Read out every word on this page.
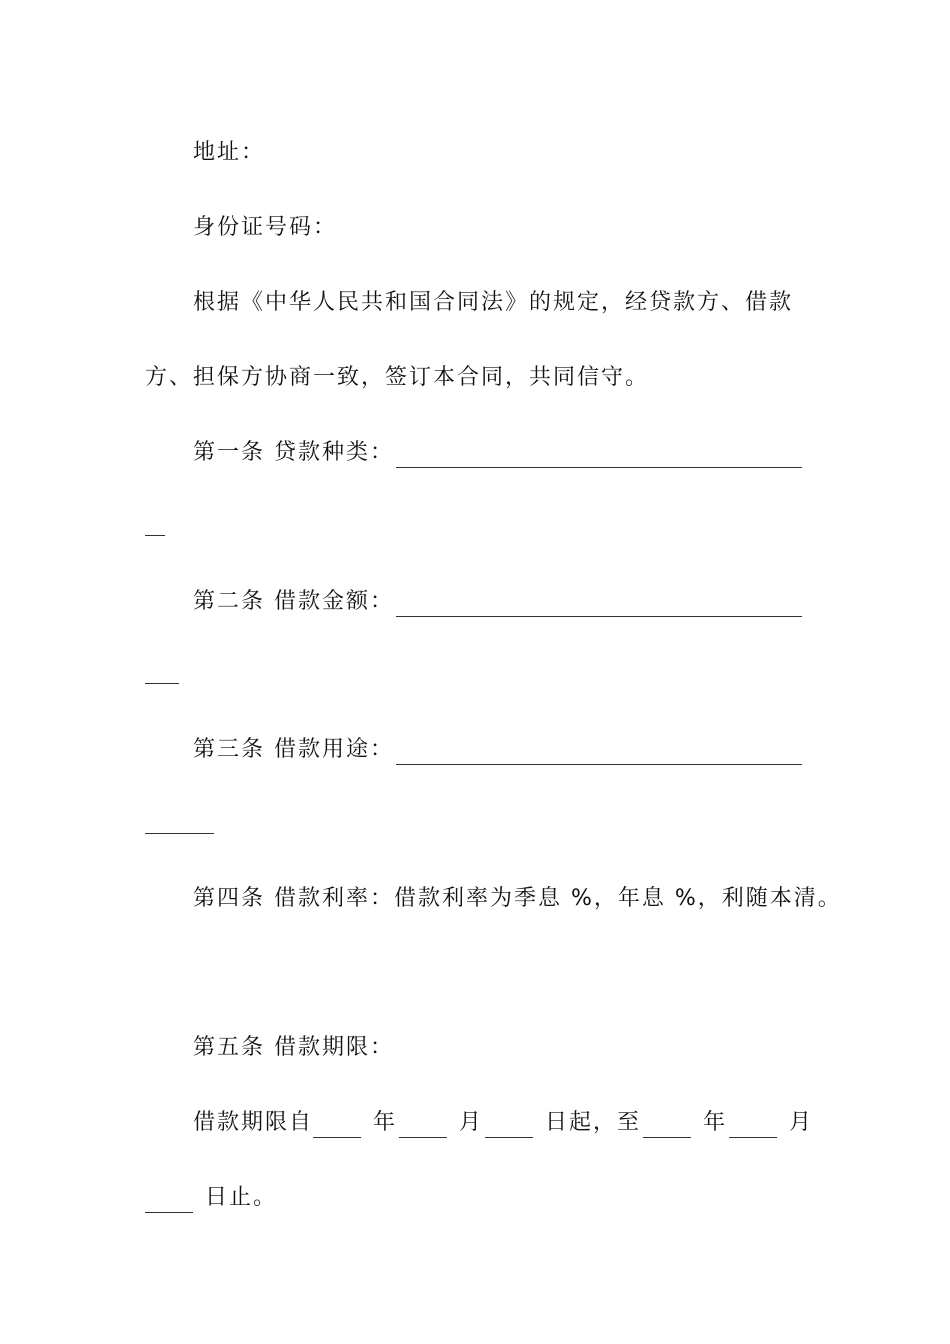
地址：
身份证号码：
根据《中华人民共和国合同法》的规定，经贷款方、借款
方、担保方协商一致，签订本合同，共同信守。
第一条 贷款种类：
第二条 借款金额：
第三条 借款用途：
第四条 借款利率：借款利率为季息 %，年息 %，利随本清。
第五条 借款期限：
借款期限自	年	月	日起，至	年	月
日止。
